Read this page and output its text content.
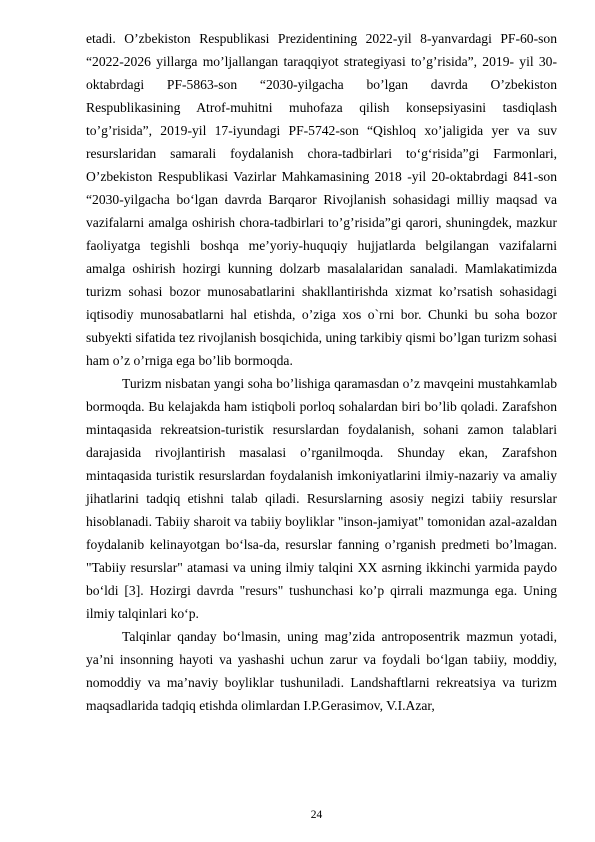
etadi. O’zbekiston Respublikasi Prezidentining 2022-yil 8-yanvardagi PF-60-son “2022-2026 yillarga mo’ljallangan taraqqiyot strategiyasi to’g’risida”, 2019- yil 30- oktabrdagi PF-5863-son “2030-yilgacha bo’lgan davrda O’zbekiston Respublikasining Atrof-muhitni muhofaza qilish konsepsiyasini tasdiqlash to’g’risida”, 2019-yil 17-iyundagi PF-5742-son “Qishloq xo’jaligida yer va suv resurslaridan samarali foydalanish chora-tadbirlari to‘g‘risida”gi Farmonlari, O’zbekiston Respublikasi Vazirlar Mahkamasining 2018 -yil 20-oktabrdagi 841-son “2030-yilgacha bo‘lgan davrda Barqaror Rivojlanish sohasidagi milliy maqsad va vazifalarni amalga oshirish chora-tadbirlari to’g’risida”gi qarori, shuningdek, mazkur faoliyatga tegishli boshqa me’yoriy-huquqiy hujjatlarda belgilangan vazifalarni amalga oshirish hozirgi kunning dolzarb masalalaridan sanaladi. Mamlakatimizda turizm sohasi bozor munosabatlarini shakllantirishda xizmat ko’rsatish sohasidagi iqtisodiy munosabatlarni hal etishda, o’ziga xos o`rni bor. Chunki bu soha bozor subyekti sifatida tez rivojlanish bosqichida, uning tarkibiy qismi bo’lgan turizm sohasi ham o’z o’rniga ega bo’lib bormoqda.

Turizm nisbatan yangi soha bo’lishiga qaramasdan o’z mavqeini mustahkamlab bormoqda. Bu kelajakda ham istiqboli porloq sohalardan biri bo’lib qoladi. Zarafshon mintaqasida rekreatsion-turistik resurslardan foydalanish, sohani zamon talablari darajasida rivojlantirish masalasi o’rganilmoqda. Shunday ekan, Zarafshon mintaqasida turistik resurslardan foydalanish imkoniyatlarini ilmiy-nazariy va amaliy jihatlarini tadqiq etishni talab qiladi. Resurslarning asosiy negizi tabiiy resurslar hisoblanadi. Tabiiy sharoit va tabiiy boyliklar "inson-jamiyat" tomonidan azal-azaldan foydalanib kelinayotgan bo‘lsa-da, resurslar fanning o’rganish predmeti bo’lmagan. "Tabiiy resurslar" atamasi va uning ilmiy talqini XX asrning ikkinchi yarmida paydo bo‘ldi [3]. Hozirgi davrda "resurs" tushunchasi ko’p qirrali mazmunga ega. Uning ilmiy talqinlari ko‘p.

Talqinlar qanday bo‘lmasin, uning mag’zida antroposentrik mazmun yotadi, ya’ni insonning hayoti va yashashi uchun zarur va foydali bo‘lgan tabiiy, moddiy, nomoddiy va ma’naviy boyliklar tushuniladi. Landshaftlarni rekreatsiya va turizm maqsadlarida tadqiq etishda olimlardan I.P.Gerasimov, V.I.Azar,

24
